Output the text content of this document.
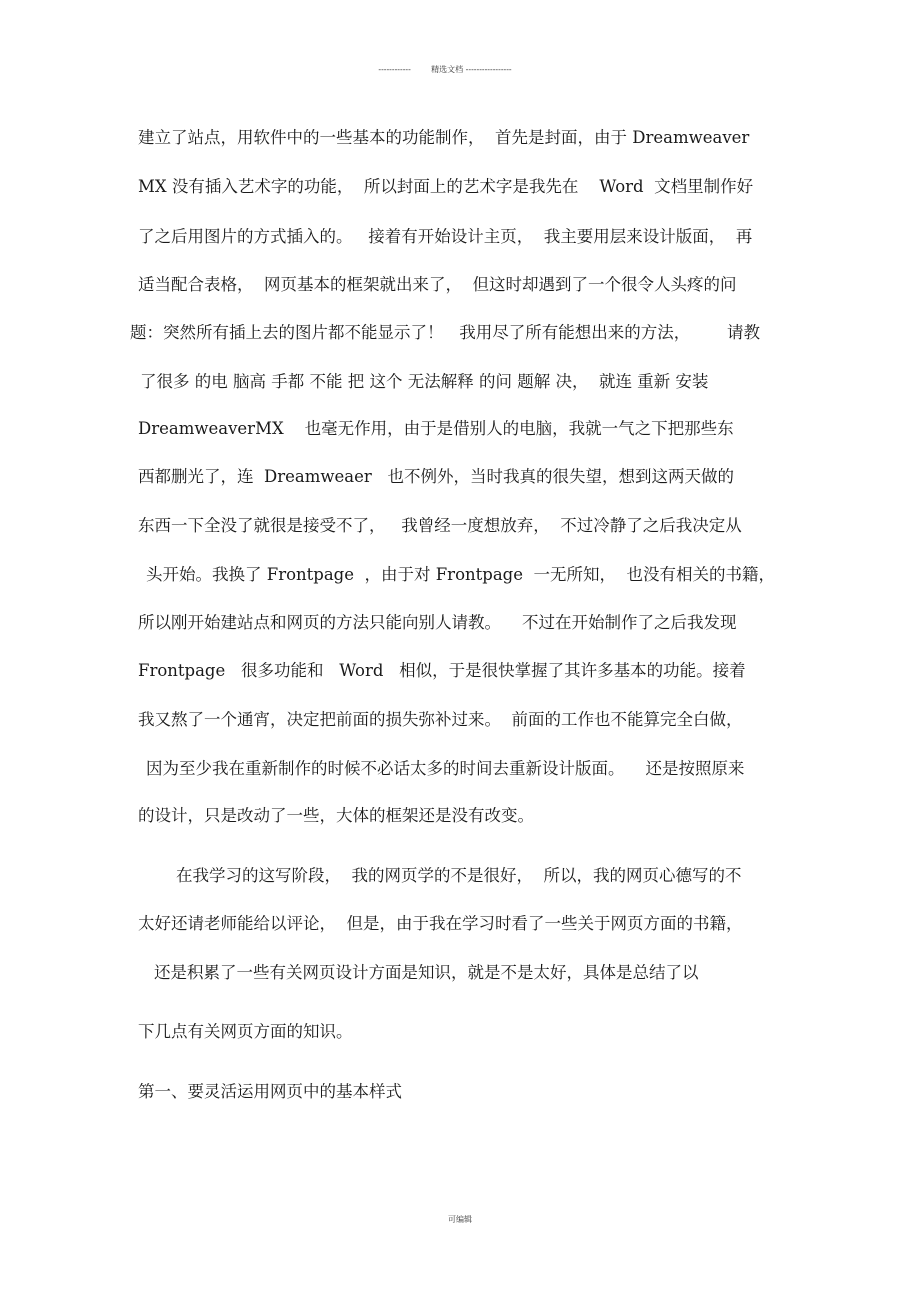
------------        精选文档 -----------------
建立了站点，用软件中的一些基本的功能制作，  首先是封面，由于 Dreamweaver
MX 没有插入艺术字的功能，  所以封面上的艺术字是我先在    Word  文档里制作好
了之后用图片的方式插入的。   接着有开始设计主页，  我主要用层来设计版面，  再
适当配合表格，  网页基本的框架就出来了，  但这时却遇到了一个很令人头疼的问
题：突然所有插上去的图片都不能显示了！   我用尽了所有能想出来的方法，       请教
了很多 的电 脑高 手都 不能 把 这个 无法解释 的问 题解 决，  就连 重新 安装
DreamweaverMX    也毫无作用，由于是借别人的电脑，我就一气之下把那些东
西都删光了，连  Dreamweaer   也不例外，当时我真的很失望，想到这两天做的
东西一下全没了就很是接受不了，   我曾经一度想放弃，  不过冷静了之后我决定从
头开始。我换了 Frontpage  ，由于对 Frontpage  一无所知，  也没有相关的书籍，
所以刚开始建站点和网页的方法只能向别人请教。    不过在开始制作了之后我发现
Frontpage   很多功能和   Word   相似，于是很快掌握了其许多基本的功能。接着
我又熬了一个通宵，决定把前面的损失弥补过来。  前面的工作也不能算完全白做，
因为至少我在重新制作的时候不必话太多的时间去重新设计版面。    还是按照原来
的设计，只是改动了一些，大体的框架还是没有改变。
在我学习的这写阶段，  我的网页学的不是很好，  所以，我的网页心德写的不
太好还请老师能给以评论，  但是，由于我在学习时看了一些关于网页方面的书籍，
还是积累了一些有关网页设计方面是知识，就是不是太好，具体是总结了以
下几点有关网页方面的知识。
第一、要灵活运用网页中的基本样式
可编辑
